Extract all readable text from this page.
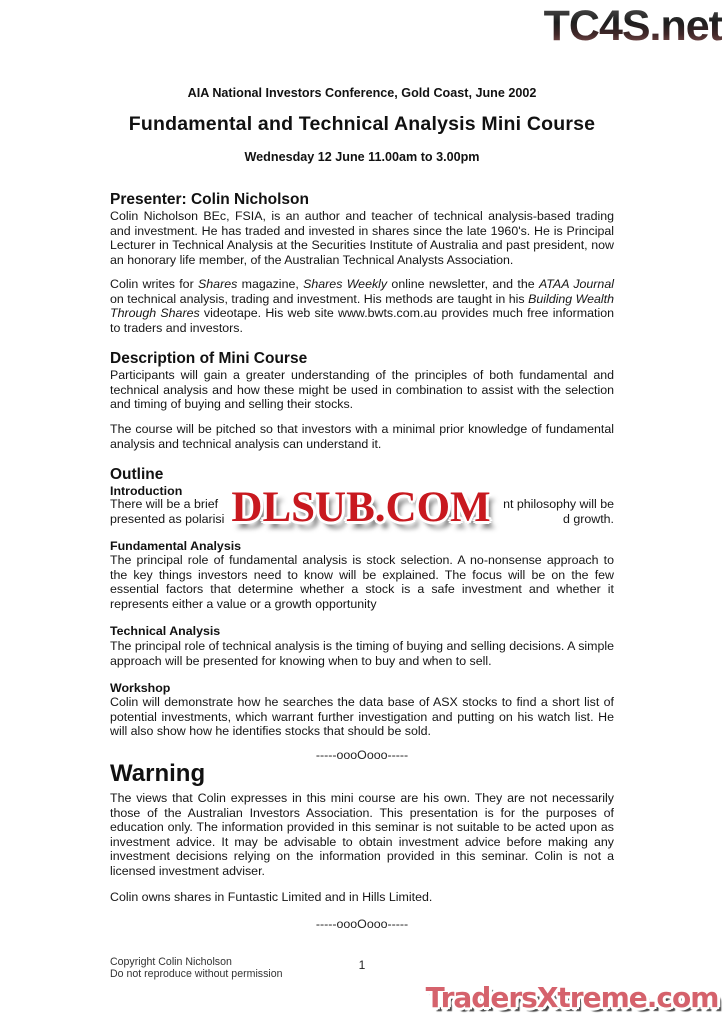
TC4S.net
AIA National Investors Conference, Gold Coast, June 2002
Fundamental and Technical Analysis Mini Course
Wednesday 12 June 11.00am to 3.00pm
Presenter: Colin Nicholson
Colin Nicholson BEc, FSIA, is an author and teacher of technical analysis-based trading and investment. He has traded and invested in shares since the late 1960's. He is Principal Lecturer in Technical Analysis at the Securities Institute of Australia and past president, now an honorary life member, of the Australian Technical Analysts Association.
Colin writes for Shares magazine, Shares Weekly online newsletter, and the ATAA Journal on technical analysis, trading and investment. His methods are taught in his Building Wealth Through Shares videotape. His web site www.bwts.com.au provides much free information to traders and investors.
Description of Mini Course
Participants will gain a greater understanding of the principles of both fundamental and technical analysis and how these might be used in combination to assist with the selection and timing of buying and selling their stocks.
The course will be pitched so that investors with a minimal prior knowledge of fundamental analysis and technical analysis can understand it.
Outline
Introduction
There will be a brief	nt philosophy will be
presented as polarisi	d growth.
Fundamental Analysis
The principal role of fundamental analysis is stock selection. A no-nonsense approach to the key things investors need to know will be explained. The focus will be on the few essential factors that determine whether a stock is a safe investment and whether it represents either a value or a growth opportunity
Technical Analysis
The principal role of technical analysis is the timing of buying and selling decisions. A simple approach will be presented for knowing when to buy and when to sell.
Workshop
Colin will demonstrate how he searches the data base of ASX stocks to find a short list of potential investments, which warrant further investigation and putting on his watch list. He will also show how he identifies stocks that should be sold.
-----oooOooo-----
Warning
The views that Colin expresses in this mini course are his own. They are not necessarily those of the Australian Investors Association. This presentation is for the purposes of education only. The information provided in this seminar is not suitable to be acted upon as investment advice. It may be advisable to obtain investment advice before making any investment decisions relying on the information provided in this seminar. Colin is not a licensed investment adviser.
Colin owns shares in Funtastic Limited and in Hills Limited.
-----oooOooo-----
Copyright Colin Nicholson
Do not reproduce without permission
1
DLSUB.COM
TradersXtreme.com
